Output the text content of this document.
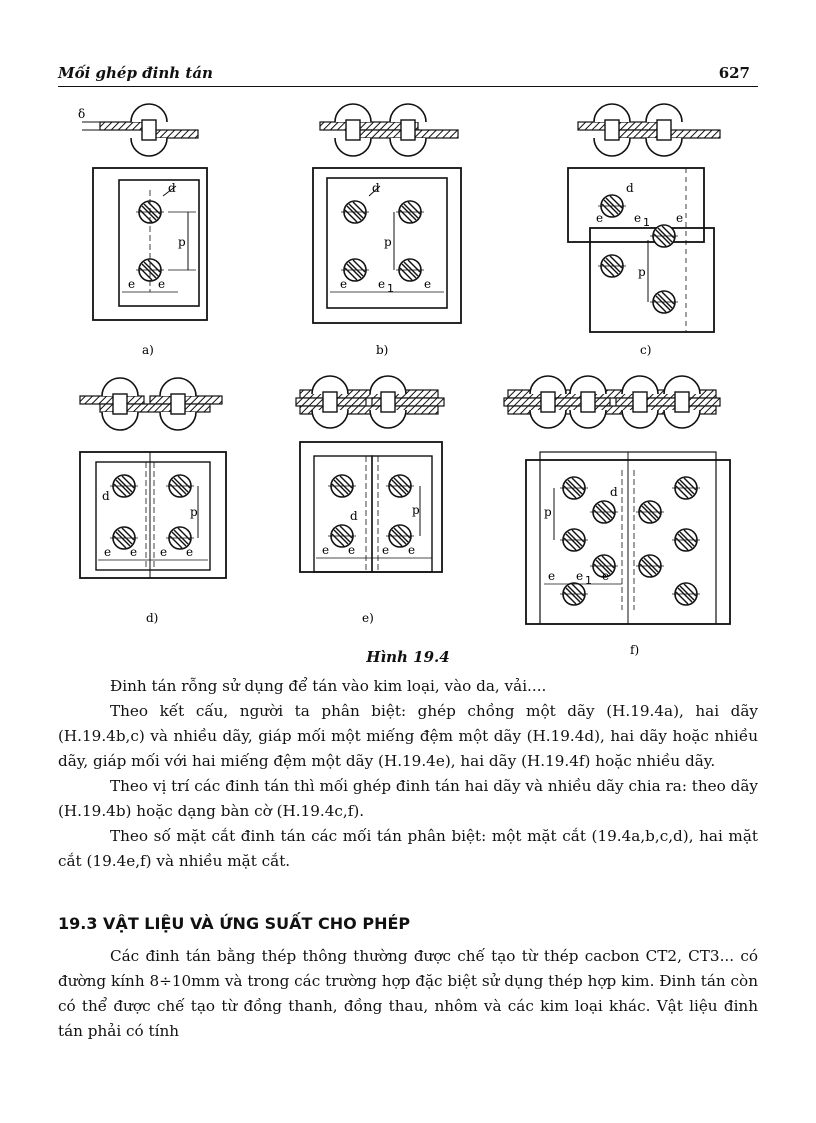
Mối ghép đinh tán	627
δ
d
p
e e
a)
d
p
e	e 1	e
b)
d
e	e 1 e
p
c)
d
p
e e e e
d)
d	p
e e e e
e)
d
p
e e 1 e
f)
Hình 19.4

Đinh tán rỗng sử dụng để tán vào kim loại, vào da, vải....

Theo kết cấu, người ta phân biệt: ghép chồng một dãy (H.19.4a), hai dãy (H.19.4b,c) và nhiều dãy, giáp mối một miếng đệm một dãy (H.19.4d), hai dãy hoặc nhiều dãy, giáp mối với hai miếng đệm một dãy (H.19.4e), hai dãy (H.19.4f) hoặc nhiều dãy.

Theo vị trí các đinh tán thì mối ghép đinh tán hai dãy và nhiều dãy chia ra: theo dãy (H.19.4b) hoặc dạng bàn cờ (H.19.4c,f).

Theo số mặt cắt đinh tán các mối tán phân biệt: một mặt cắt (19.4a,b,c,d), hai mặt cắt (19.4e,f) và nhiều mặt cắt.

19.3 VẬT LIỆU VÀ ỨNG SUẤT CHO PHÉP

Các đinh tán bằng thép thông thường được chế tạo từ thép cacbon CT2, CT3... có đường kính 8÷10mm và trong các trường hợp đặc biệt sử dụng thép hợp kim. Đinh tán còn có thể được chế tạo từ đồng thanh, đồng thau, nhôm và các kim loại khác. Vật liệu đinh tán phải có tính
